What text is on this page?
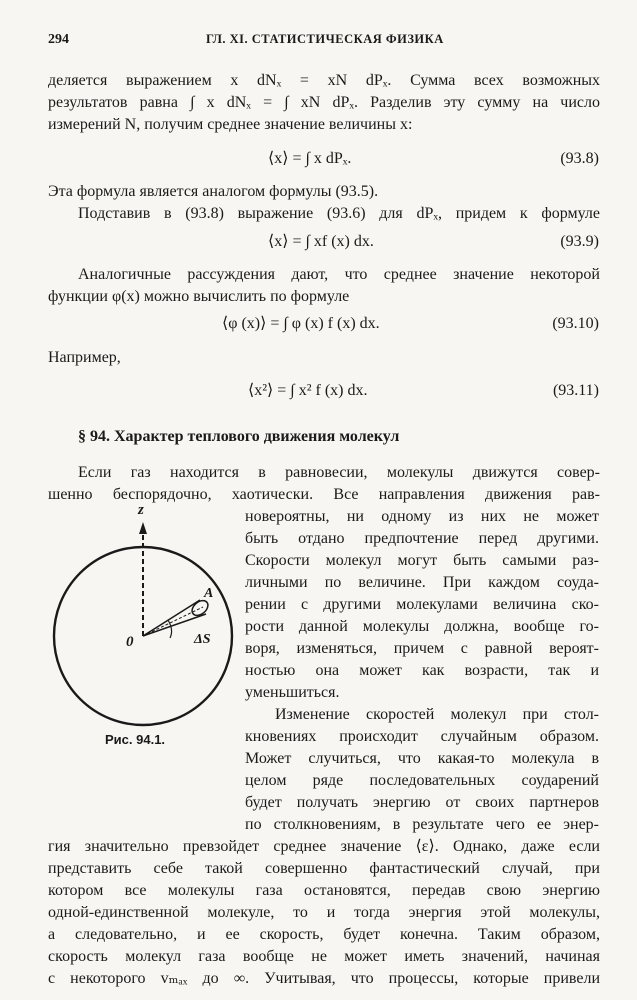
294	ГЛ. XI. СТАТИСТИЧЕСКАЯ ФИЗИКА
деляется выражением x dNₓ = xN dPₓ. Сумма всех возможных
результатов равна ∫ x dNₓ = ∫ xN dPₓ. Разделив эту сумму на число
измерений N, получим среднее значение величины x:
⟨x⟩ = ∫ x dPₓ.	(93.8)
Эта формула является аналогом формулы (93.5).
Подставив в (93.8) выражение (93.6) для dPₓ, придем к формуле
⟨x⟩ = ∫ xf (x) dx.	(93.9)
Аналогичные рассуждения дают, что среднее значение некоторой
функции φ(x) можно вычислить по формуле
⟨φ (x)⟩ = ∫ φ (x) f (x) dx.	(93.10)
Например,
⟨x²⟩ = ∫ x² f (x) dx.	(93.11)
§ 94. Характер теплового движения молекул
Если газ находится в равновесии, молекулы движутся совер-
шенно беспорядочно, хаотически. Все направления движения рав-
z
0
A
ΔS
Рис. 94.1.
новероятны, ни одному из них не может
быть отдано предпочтение перед другими.
Скорости молекул могут быть самыми раз-
личными по величине. При каждом соуда-
рении с другими молекулами величина ско-
рости данной молекулы должна, вообще го-
воря, изменяться, причем с равной вероят-
ностью она может как возрасти, так и
уменьшиться.
Изменение скоростей молекул при стол-
кновениях происходит случайным образом.
Может случиться, что какая-то молекула в
целом ряде последовательных соударений
будет получать энергию от своих партнеров
по столкновениям, в результате чего ее энер-
гия значительно превзойдет среднее значение ⟨ε⟩. Однако, даже если
представить себе такой совершенно фантастический случай, при
котором все молекулы газа остановятся, передав свою энергию
одной-единственной молекуле, то и тогда энергия этой молекулы,
а следовательно, и ее скорость, будет конечна. Таким образом,
скорость молекул газа вообще не может иметь значений, начиная
с некоторого vₘₐₓ до ∞. Учитывая, что процессы, которые привели
